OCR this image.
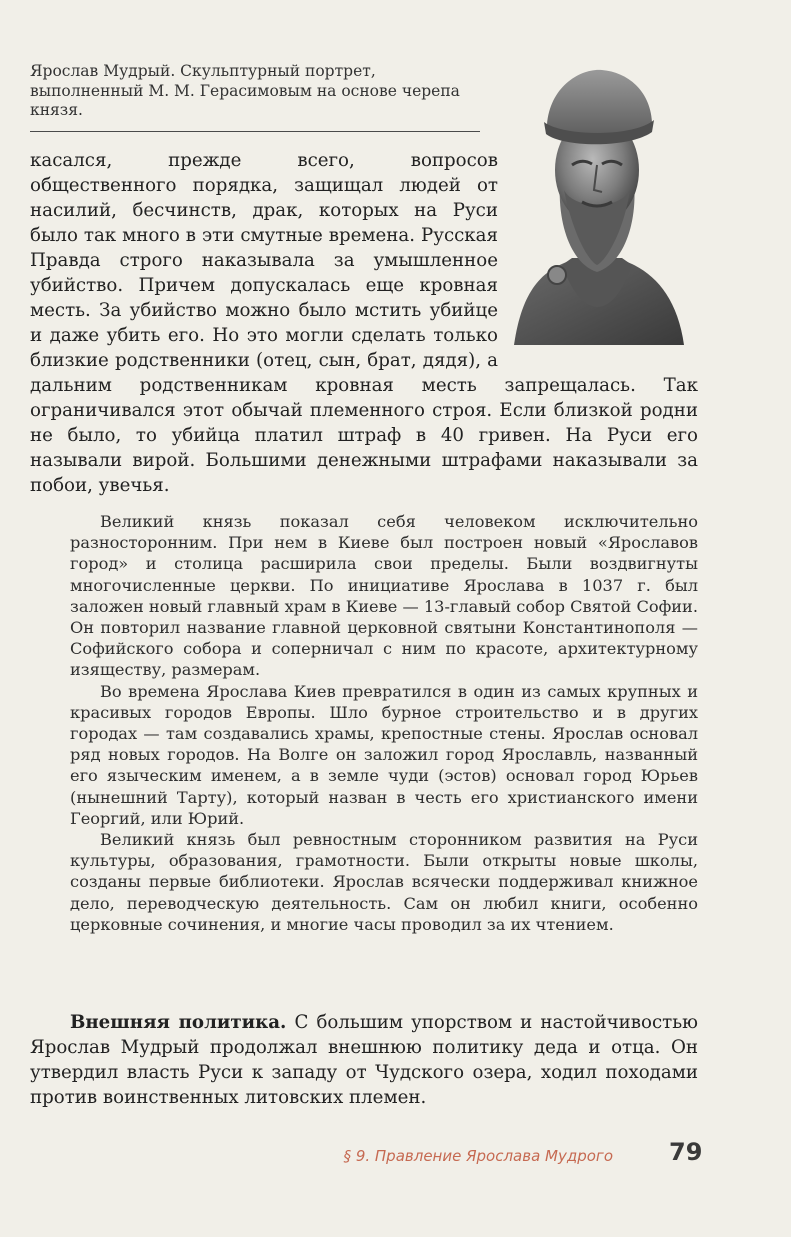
Ярослав Мудрый. Скульптурный портрет, выполненный М. М. Герасимовым на основе черепа князя.

касался, прежде всего, вопросов общественного порядка, защищал людей от насилий, бесчинств, драк, которых на Руси было так много в эти смутные времена. Русская Правда строго наказывала за умышленное убийство. Причем допускалась еще кровная месть. За убийство можно было мстить убийце и даже убить его. Но это могли сделать только близкие родственники (отец, сын, брат, дядя), а дальним родственникам кровная месть запрещалась. Так ограничивался этот обычай племенного строя. Если близкой родни не было, то убийца платил штраф в 40 гривен. На Руси его называли вирой. Большими денежными штрафами наказывали за побои, увечья.

Великий князь показал себя человеком исключительно разносторонним. При нем в Киеве был построен новый «Ярославов город» и столица расширила свои пределы. Были воздвигнуты многочисленные церкви. По инициативе Ярослава в 1037 г. был заложен новый главный храм в Киеве — 13-главый собор Святой Софии. Он повторил название главной церковной святыни Константинополя — Софийского собора и соперничал с ним по красоте, архитектурному изяществу, размерам.

Во времена Ярослава Киев превратился в один из самых крупных и красивых городов Европы. Шло бурное строительство и в других городах — там создавались храмы, крепостные стены. Ярослав основал ряд новых городов. На Волге он заложил город Ярославль, названный его языческим именем, а в земле чуди (эстов) основал город Юрьев (нынешний Тарту), который назван в честь его христианского имени Георгий, или Юрий.

Великий князь был ревностным сторонником развития на Руси культуры, образования, грамотности. Были открыты новые школы, созданы первые библиотеки. Ярослав всячески поддерживал книжное дело, переводческую деятельность. Сам он любил книги, особенно церковные сочинения, и многие часы проводил за их чтением.

Внешняя политика. С большим упорством и настойчивостью Ярослав Мудрый продолжал внешнюю политику деда и отца. Он утвердил власть Руси к западу от Чудского озера, ходил походами против воинственных литовских племен.
§ 9. Правление Ярослава Мудрого 79
